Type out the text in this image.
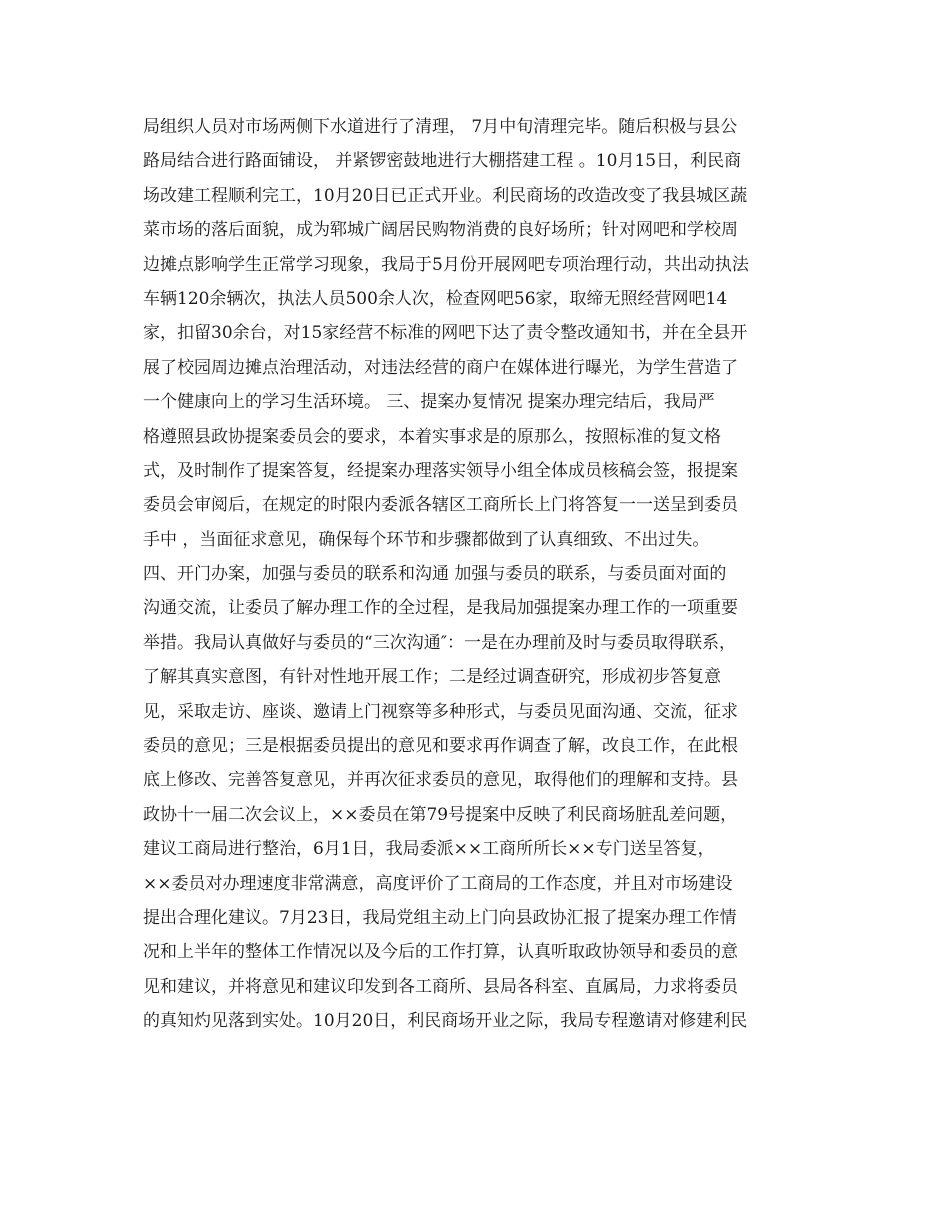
局组织人员对市场两侧下水道进行了清理， 7月中旬清理完毕。随后积极与县公
路局结合进行路面铺设， 并紧锣密鼓地进行大棚搭建工程 。10月15日，利民商
场改建工程顺利完工，10月20日已正式开业。利民商场的改造改变了我县城区蔬
菜市场的落后面貌，成为郓城广阔居民购物消费的良好场所；针对网吧和学校周
边摊点影响学生正常学习现象，我局于5月份开展网吧专项治理行动，共出动执法
车辆120余辆次，执法人员500余人次，检查网吧56家，取缔无照经营网吧14
家，扣留30余台，对15家经营不标准的网吧下达了责令整改通知书，并在全县开
展了校园周边摊点治理活动，对违法经营的商户在媒体进行曝光，为学生营造了
一个健康向上的学习生活环境。 三、提案办复情况 提案办理完结后，我局严
格遵照县政协提案委员会的要求，本着实事求是的原那么，按照标准的复文格
式，及时制作了提案答复，经提案办理落实领导小组全体成员核稿会签，报提案
委员会审阅后，在规定的时限内委派各辖区工商所长上门将答复一一送呈到委员
手中 ，当面征求意见，确保每个环节和步骤都做到了认真细致、不出过失。
四、开门办案，加强与委员的联系和沟通 加强与委员的联系，与委员面对面的
沟通交流，让委员了解办理工作的全过程，是我局加强提案办理工作的一项重要
举措。我局认真做好与委员的“三次沟通″：一是在办理前及时与委员取得联系，
了解其真实意图，有针对性地开展工作；二是经过调查研究，形成初步答复意
见，采取走访、座谈、邀请上门视察等多种形式，与委员见面沟通、交流，征求
委员的意见；三是根据委员提出的意见和要求再作调查了解，改良工作，在此根
底上修改、完善答复意见，并再次征求委员的意见，取得他们的理解和支持。县
政协十一届二次会议上，××委员在第79号提案中反映了利民商场脏乱差问题，
建议工商局进行整治，6月1日，我局委派××工商所所长××专门送呈答复，
××委员对办理速度非常满意，高度评价了工商局的工作态度，并且对市场建设
提出合理化建议。7月23日，我局党组主动上门向县政协汇报了提案办理工作情
况和上半年的整体工作情况以及今后的工作打算，认真听取政协领导和委员的意
见和建议，并将意见和建议印发到各工商所、县局各科室、直属局，力求将委员
的真知灼见落到实处。10月20日，利民商场开业之际，我局专程邀请对修建利民
